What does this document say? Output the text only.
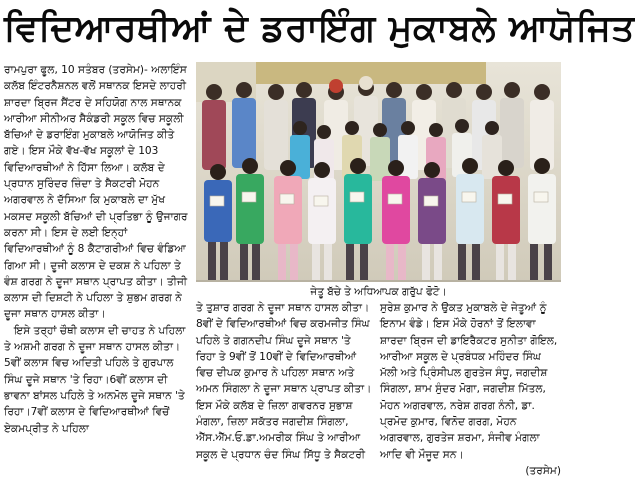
ਵਿਦਿਆਰਥੀਆਂ ਦੇ ਡਰਾਇੰਗ ਮੁਕਾਬਲੇ ਆਯੋਜਿਤ

ਰਾਮਪੁਰਾ ਫੂਲ, 10 ਸਤੰਬਰ (ਤਰਸੇਮ)- ਅਲਾਇੰਸ ਕਲੱਬ ਇੰਟਰਨੈਸ਼ਨਲ ਵਲੋਂ ਸਥਾਨਕ ਇਸਦੇ ਲਾਹਰੀ ਸ਼ਾਰਦਾ ਬ੍ਰਿਜ ਸੈਂਟਰ ਦੇ ਸਹਿਯੋਗ ਨਾਲ ਸਥਾਨਕ ਆਰੀਆ ਸੀਨੀਅਰ ਸੈਕੰਡਰੀ ਸਕੂਲ ਵਿਚ ਸਕੂਲੀ ਬੱਚਿਆਂ ਦੇ ਡਰਾਇੰਗ ਮੁਕਾਬਲੇ ਆਯੋਜਿਤ ਕੀਤੇ ਗਏ। ਇਸ ਮੌਕੇ ਵੱਖ-ਵੱਖ ਸਕੂਲਾਂ ਦੇ 103 ਵਿਦਿਆਰਥੀਆਂ ਨੇ ਹਿੱਸਾ ਲਿਆ। ਕਲੱਬ ਦੇ ਪ੍ਰਧਾਨ ਸੁਰਿੰਦਰ ਜ਼ਿੰਦਾ ਤੇ ਸੈਕਟਰੀ ਮੋਹਨ ਅਗਰਵਾਲ ਨੇ ਦੱਸਿਆ ਕਿ ਮੁਕਾਬਲੇ ਦਾ ਮੁੱਖ ਮਕਸਦ ਸਕੂਲੀ ਬੱਚਿਆਂ ਦੀ ਪ੍ਰਤਿਭਾ ਨੂੰ ਉਜਾਗਰ ਕਰਨਾ ਸੀ। ਇਸ ਦੇ ਲਈ ਇਨ੍ਹਾਂ ਵਿਦਿਆਰਥੀਆਂ ਨੂੰ 8 ਕੈਟਾਗਰੀਆਂ ਵਿਚ ਵੰਡਿਆ ਗਿਆ ਸੀ। ਦੂਜੀ ਕਲਾਸ ਦੇ ਦਕਸ਼ ਨੇ ਪਹਿਲਾ ਤੇ ਵੰਸ਼ ਗਰਗ ਨੇ ਦੂਜਾ ਸਥਾਨ ਪ੍ਰਾਪਤ ਕੀਤਾ। ਤੀਜੀ ਕਲਾਸ ਦੀ ਦਿਸ਼ਟੀ ਨੇ ਪਹਿਲਾ ਤੇ ਸ਼ੁਭਮ ਗਰਗ ਨੇ ਦੂਜਾ ਸਥਾਨ ਹਾਸਲ ਕੀਤਾ।

ਇਸੇ ਤਰ੍ਹਾਂ ਚੌਥੀ ਕਲਾਸ ਦੀ ਚਾਹਤ ਨੇ ਪਹਿਲਾ ਤੇ ਅਸ਼ਮੀ ਗਰਗ ਨੇ ਦੂਜਾ ਸਥਾਨ ਹਾਸਲ ਕੀਤਾ। 5ਵੀਂ ਕਲਾਸ ਵਿਚ ਅਦਿਤੀ ਪਹਿਲੇ ਤੇ ਗੁਰਪਾਲ ਸਿੰਘ ਦੂਜੇ ਸਥਾਨ 'ਤੇ ਰਿਹਾ।6ਵੀਂ ਕਲਾਸ ਦੀ ਭਾਵਨਾ ਬਾਂਸਲ ਪਹਿਲੇ ਤੇ ਅਨਮੋਲ ਦੂਜੇ ਸਥਾਨ 'ਤੇ ਰਿਹਾ।7ਵੀਂ ਕਲਾਸ ਦੇ ਵਿਦਿਆਰਥੀਆਂ ਵਿਚੋਂ ਏਕਮਪ੍ਰੀਤ ਨੇ ਪਹਿਲਾ

ਜੇਤੂ ਬੱਚੇ ਤੇ ਅਧਿਆਪਕ ਗਰੁੱਪ ਫੋਟੋ।

ਤੇ ਤੁਸ਼ਾਰ ਗਰਗ ਨੇ ਦੂਜਾ ਸਥਾਨ ਹਾਸਲ ਕੀਤਾ। 8ਵੀਂ ਦੇ ਵਿਦਿਆਰਥੀਆਂ ਵਿਚ ਕਰਮਜੀਤ ਸਿੰਘ ਪਹਿਲੇ ਤੇ ਗਗਨਦੀਪ ਸਿੰਘ ਦੂਜੇ ਸਥਾਨ 'ਤੇ ਰਿਹਾ ਤੇ 9ਵੀਂ ਤੋਂ 10ਵੀਂ ਦੇ ਵਿਦਿਆਰਥੀਆਂ ਵਿਚ ਦੀਪਕ ਕੁਮਾਰ ਨੇ ਪਹਿਲਾ ਸਥਾਨ ਅਤੇ ਅਮਨ ਸਿੰਗਲਾ ਨੇ ਦੂਜਾ ਸਥਾਨ ਪ੍ਰਾਪਤ ਕੀਤਾ। ਇਸ ਮੌਕੇ ਕਲੱਬ ਦੇ ਜ਼ਿਲਾ ਗਵਰਨਰ ਸੁਭਾਸ਼ ਮੰਗਲਾ, ਜ਼ਿਲਾ ਸਕੱਤਰ ਜਗਦੀਸ਼ ਸਿੰਗਲਾ, ਐੱਸ.ਐੱਮ.ਓ.ਡਾ.ਅਮਰੀਕ ਸਿੰਘ ਤੇ ਆਰੀਆ ਸਕੂਲ ਦੇ ਪ੍ਰਧਾਨ ਚੰਦ ਸਿੰਘ ਸਿੱਧੂ ਤੇ ਸੈਕਟਰੀ

ਸੁਰੇਸ਼ ਕੁਮਾਰ ਨੇ ਉਕਤ ਮੁਕਾਬਲੇ ਦੇ ਜੇਤੂਆਂ ਨੂੰ ਇਨਾਮ ਵੰਡੇ। ਇਸ ਮੌਕੇ ਹੋਰਨਾਂ ਤੋਂ ਇਲਾਵਾ ਸ਼ਾਰਦਾ ਬ੍ਰਿਜ ਦੀ ਡਾਇਰੈਕਟਰ ਸੁਨੀਤਾ ਗੋਇਲ, ਆਰੀਆ ਸਕੂਲ ਦੇ ਪ੍ਰਬੰਧਕ ਮਹਿੰਦਰ ਸਿੰਘ ਮੱਲੀ ਅਤੇ ਪ੍ਰਿੰਸੀਪਲ ਗੁਰਤੇਜ ਸੰਧੂ, ਜਗਦੀਸ਼ ਸਿੰਗਲਾ, ਸ਼ਾਮ ਸੁੰਦਰ ਮੋਗਾ, ਜਗਦੀਸ਼ ਮਿੱਤਲ, ਮੋਹਨ ਅਗਰਵਾਲ, ਨਰੇਸ਼ ਗਰਗ ਨੰਨੀ, ਡਾ. ਪ੍ਰਮੋਦ ਕੁਮਾਰ, ਵਿਨੋਦ ਗਰਗ, ਮੋਹਨ ਅਗਰਵਾਲ, ਗੁਰਤੇਜ ਸ਼ਰਮਾ, ਸੰਜੀਵ ਮੰਗਲਾ ਆਦਿ ਵੀ ਮੌਜੂਦ ਸਨ।

(ਤਰਸੇਮ)
